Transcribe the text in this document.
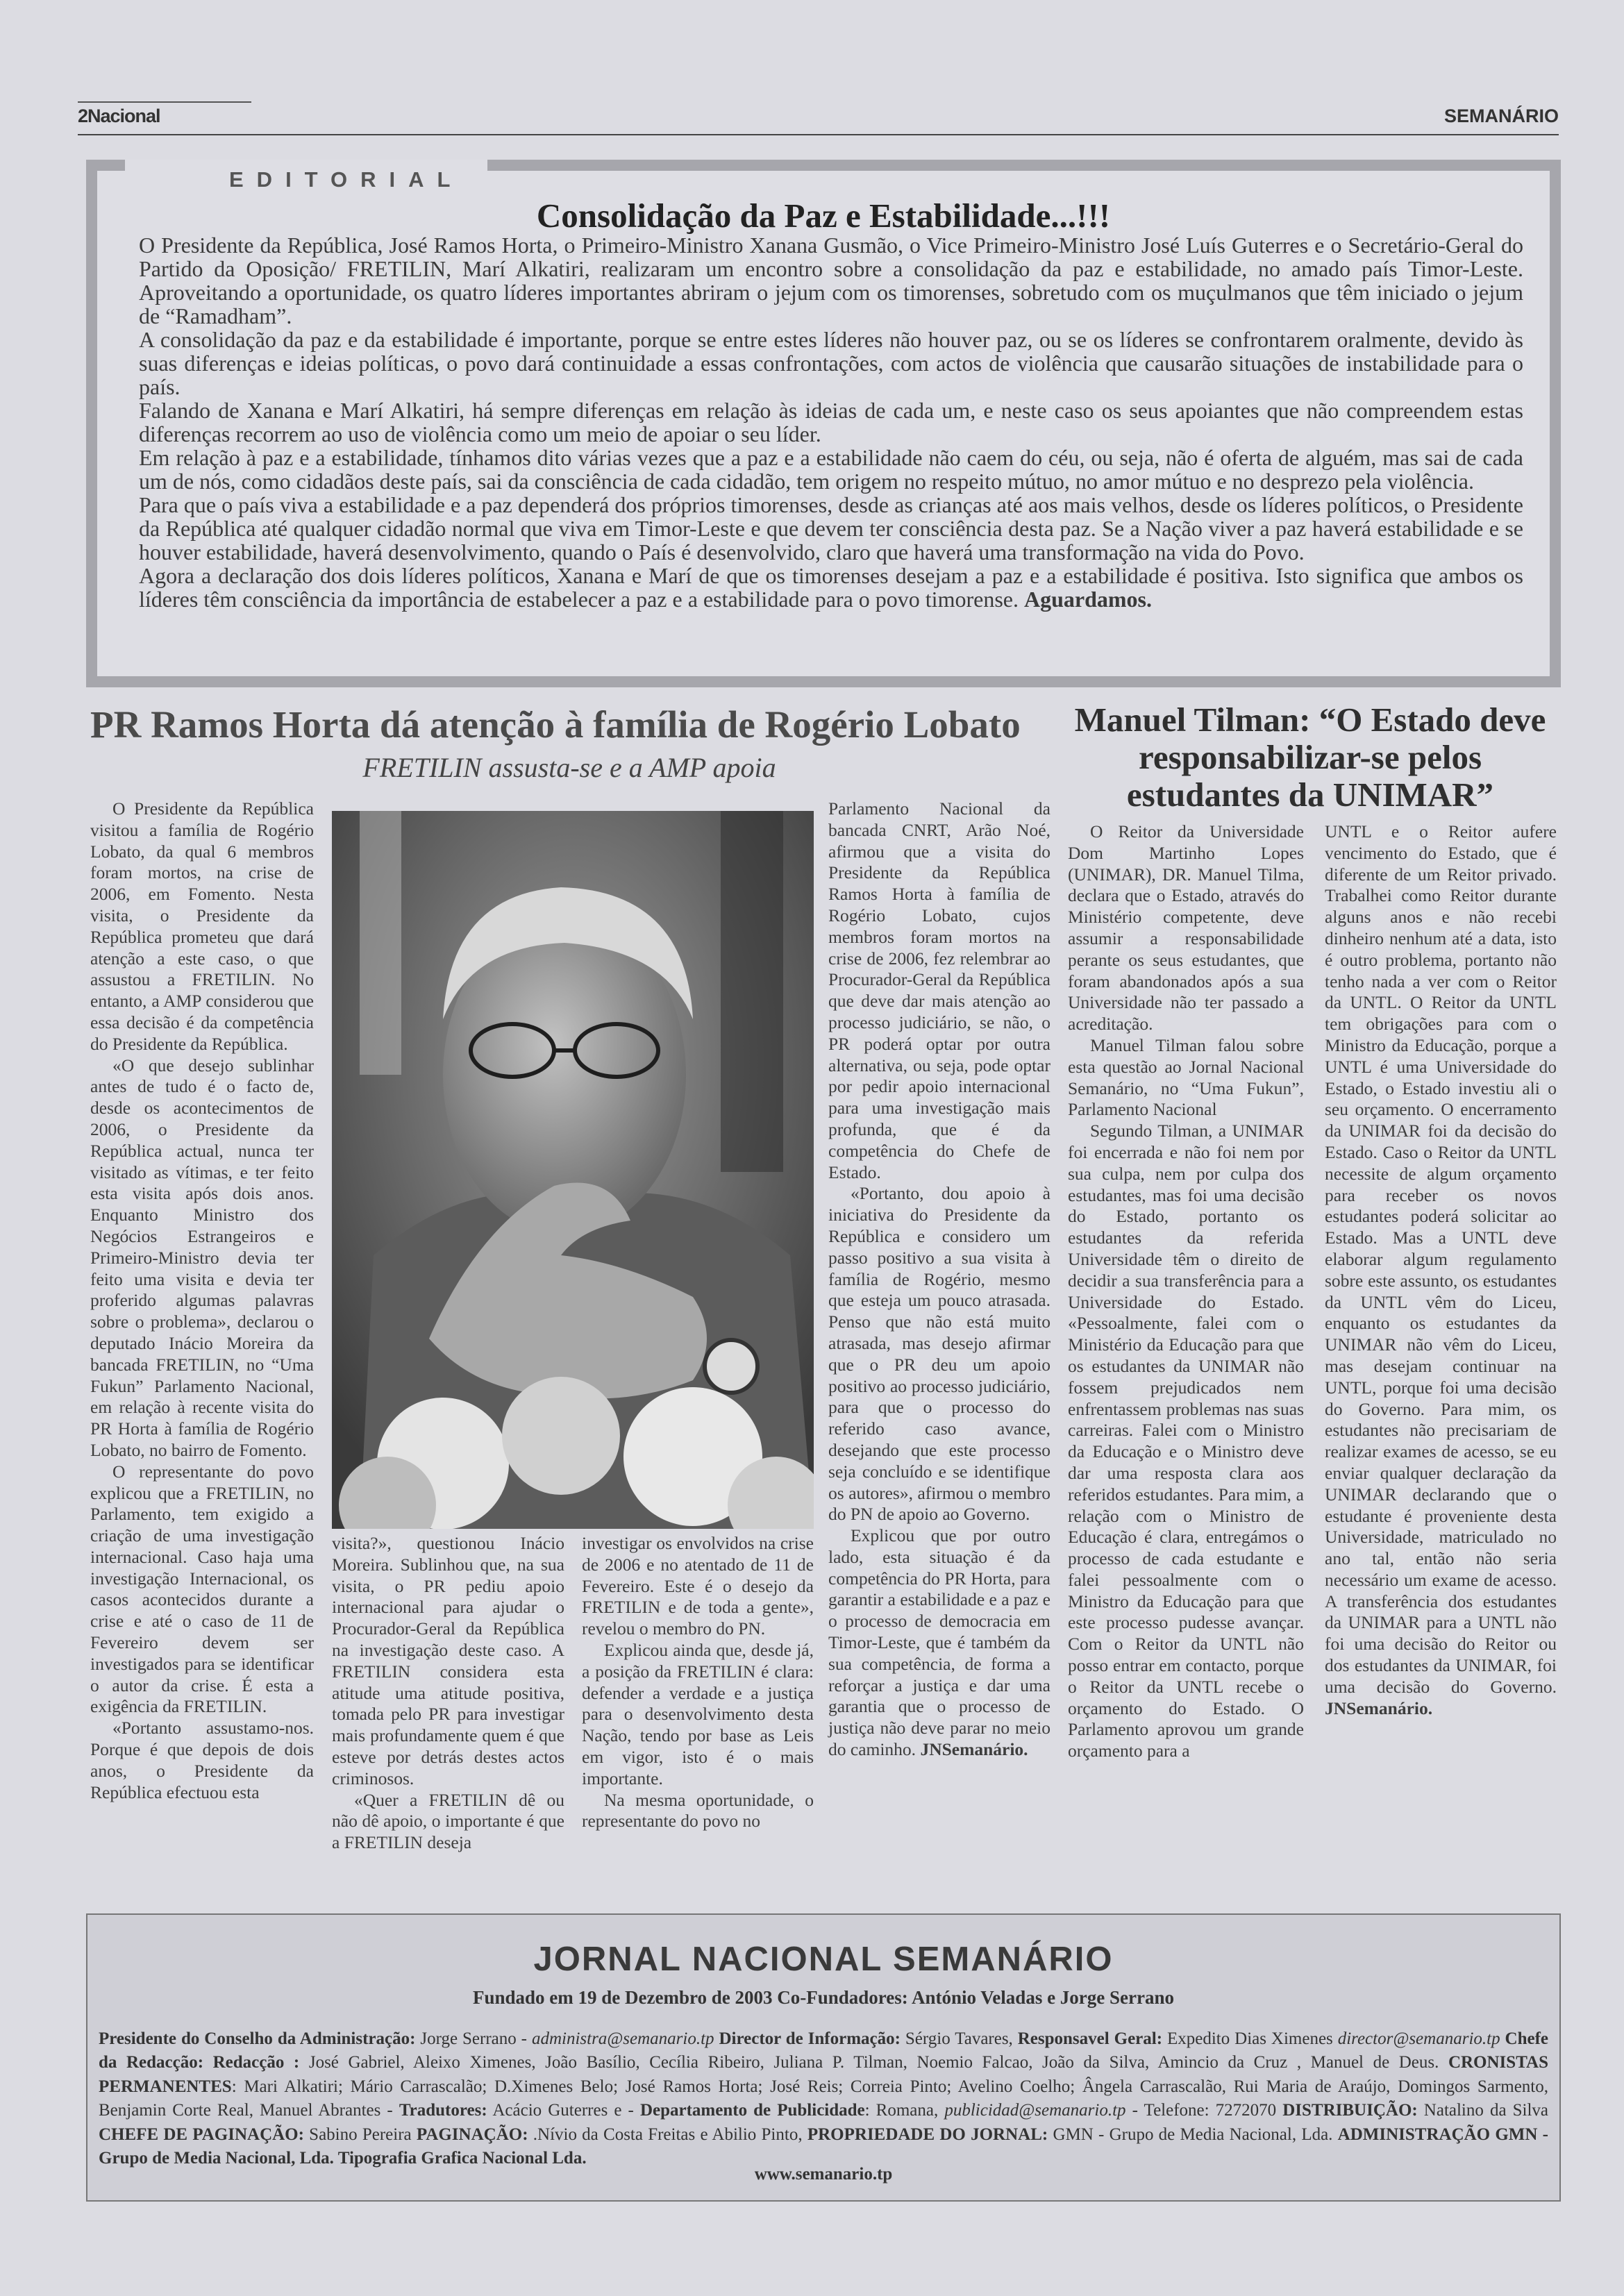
2Nacional	SEMANÁRIO
EDITORIAL
Consolidação da Paz e Estabilidade...!!!

O Presidente da República, José Ramos Horta, o Primeiro-Ministro Xanana Gusmão, o Vice Primeiro-Ministro José Luís Guterres e o Secretário-Geral do Partido da Oposição/ FRETILIN, Marí Alkatiri, realizaram um encontro sobre a consolidação da paz e estabilidade, no amado país Timor-Leste. Aproveitando a oportunidade, os quatro líderes importantes abriram o jejum com os timorenses, sobretudo com os muçulmanos que têm iniciado o jejum de “Ramadham”.

A consolidação da paz e da estabilidade é importante, porque se entre estes líderes não houver paz, ou se os líderes se confrontarem oralmente, devido às suas diferenças e ideias políticas, o povo dará continuidade a essas confrontações, com actos de violência que causarão situações de instabilidade para o país.

Falando de Xanana e Marí Alkatiri, há sempre diferenças em relação às ideias de cada um, e neste caso os seus apoiantes que não compreendem estas diferenças recorrem ao uso de violência como um meio de apoiar o seu líder.

Em relação à paz e a estabilidade, tínhamos dito várias vezes que a paz e a estabilidade não caem do céu, ou seja, não é oferta de alguém, mas sai de cada um de nós, como cidadãos deste país, sai da consciência de cada cidadão, tem origem no respeito mútuo, no amor mútuo e no desprezo pela violência.

Para que o país viva a estabilidade e a paz dependerá dos próprios timorenses, desde as crianças até aos mais velhos, desde os líderes políticos, o Presidente da República até qualquer cidadão normal que viva em Timor-Leste e que devem ter consciência desta paz. Se a Nação viver a paz haverá estabilidade e se houver estabilidade, haverá desenvolvimento, quando o País é desenvolvido, claro que haverá uma transformação na vida do Povo.

Agora a declaração dos dois líderes políticos, Xanana e Marí de que os timorenses desejam a paz e a estabilidade é positiva. Isto significa que ambos os líderes têm consciência da importância de estabelecer a paz e a estabilidade para o povo timorense. Aguardamos.

PR Ramos Horta dá atenção à família de Rogério Lobato
FRETILIN assusta-se e a AMP apoia

O Presidente da República visitou a família de Rogério Lobato, da qual 6 membros foram mortos, na crise de 2006, em Fomento. Nesta visita, o Presidente da República prometeu que dará atenção a este caso, o que assustou a FRETILIN. No entanto, a AMP considerou que essa decisão é da competência do Presidente da República.

«O que desejo sublinhar antes de tudo é o facto de, desde os acontecimentos de 2006, o Presidente da República actual, nunca ter visitado as vítimas, e ter feito esta visita após dois anos. Enquanto Ministro dos Negócios Estrangeiros e Primeiro-Ministro devia ter feito uma visita e devia ter proferido algumas palavras sobre o problema», declarou o deputado Inácio Moreira da bancada FRETILIN, no “Uma Fukun” Parlamento Nacional, em relação à recente visita do PR Horta à família de Rogério Lobato, no bairro de Fomento.

O representante do povo explicou que a FRETILIN, no Parlamento, tem exigido a criação de uma investigação internacional. Caso haja uma investigação Internacional, os casos acontecidos durante a crise e até o caso de 11 de Fevereiro devem ser investigados para se identificar o autor da crise. É esta a exigência da FRETILIN.

«Portanto assustamo-nos. Porque é que depois de dois anos, o Presidente da República efectuou esta

visita?», questionou Inácio Moreira. Sublinhou que, na sua visita, o PR pediu apoio internacional para ajudar o Procurador-Geral da República na investigação deste caso. A FRETILIN considera esta atitude uma atitude positiva, tomada pelo PR para investigar mais profundamente quem é que esteve por detrás destes actos criminosos.

«Quer a FRETILIN dê ou não dê apoio, o importante é que a FRETILIN deseja

investigar os envolvidos na crise de 2006 e no atentado de 11 de Fevereiro. Este é o desejo da FRETILIN e de toda a gente», revelou o membro do PN.

Explicou ainda que, desde já, a posição da FRETILIN é clara: defender a verdade e a justiça para o desenvolvimento desta Nação, tendo por base as Leis em vigor, isto é o mais importante.

Na mesma oportunidade, o representante do povo no

Parlamento Nacional da bancada CNRT, Arão Noé, afirmou que a visita do Presidente da República Ramos Horta à família de Rogério Lobato, cujos membros foram mortos na crise de 2006, fez relembrar ao Procurador-Geral da República que deve dar mais atenção ao processo judiciário, se não, o PR poderá optar por outra alternativa, ou seja, pode optar por pedir apoio internacional para uma investigação mais profunda, que é da competência do Chefe de Estado.

«Portanto, dou apoio à iniciativa do Presidente da República e considero um passo positivo a sua visita à família de Rogério, mesmo que esteja um pouco atrasada. Penso que não está muito atrasada, mas desejo afirmar que o PR deu um apoio positivo ao processo judiciário, para que o processo do referido caso avance, desejando que este processo seja concluído e se identifique os autores», afirmou o membro do PN de apoio ao Governo.

Explicou que por outro lado, esta situação é da competência do PR Horta, para garantir a estabilidade e a paz e o processo de democracia em Timor-Leste, que é também da sua competência, de forma a reforçar a justiça e dar uma garantia que o processo de justiça não deve parar no meio do caminho. JNSemanário.

Manuel Tilman: “O Estado deve responsabilizar-se pelos estudantes da UNIMAR”

O Reitor da Universidade Dom Martinho Lopes (UNIMAR), DR. Manuel Tilma, declara que o Estado, através do Ministério competente, deve assumir a responsabilidade perante os seus estudantes, que foram abandonados após a sua Universidade não ter passado a acreditação.

Manuel Tilman falou sobre esta questão ao Jornal Nacional Semanário, no “Uma Fukun”, Parlamento Nacional

Segundo Tilman, a UNIMAR foi encerrada e não foi nem por sua culpa, nem por culpa dos estudantes, mas foi uma decisão do Estado, portanto os estudantes da referida Universidade têm o direito de decidir a sua transferência para a Universidade do Estado. «Pessoalmente, falei com o Ministério da Educação para que os estudantes da UNIMAR não fossem prejudicados nem enfrentassem problemas nas suas carreiras. Falei com o Ministro da Educação e o Ministro deve dar uma resposta clara aos referidos estudantes. Para mim, a relação com o Ministro de Educação é clara, entregámos o processo de cada estudante e falei pessoalmente com o Ministro da Educação para que este processo pudesse avançar. Com o Reitor da UNTL não posso entrar em contacto, porque o Reitor da UNTL recebe o orçamento do Estado. O Parlamento aprovou um grande orçamento para a

UNTL e o Reitor aufere vencimento do Estado, que é diferente de um Reitor privado. Trabalhei como Reitor durante alguns anos e não recebi dinheiro nenhum até a data, isto é outro problema, portanto não tenho nada a ver com o Reitor da UNTL. O Reitor da UNTL tem obrigações para com o Ministro da Educação, porque a UNTL é uma Universidade do Estado, o Estado investiu ali o seu orçamento. O encerramento da UNIMAR foi da decisão do Estado. Caso o Reitor da UNTL necessite de algum orçamento para receber os novos estudantes poderá solicitar ao Estado. Mas a UNTL deve elaborar algum regulamento sobre este assunto, os estudantes da UNTL vêm do Liceu, enquanto os estudantes da UNIMAR não vêm do Liceu, mas desejam continuar na UNTL, porque foi uma decisão do Governo. Para mim, os estudantes não precisariam de realizar exames de acesso, se eu enviar qualquer declaração da UNIMAR declarando que o estudante é proveniente desta Universidade, matriculado no ano tal, então não seria necessário um exame de acesso. A transferência dos estudantes da UNIMAR para a UNTL não foi uma decisão do Reitor ou dos estudantes da UNIMAR, foi uma decisão do Governo. JNSemanário.

JORNAL NACIONAL SEMANÁRIO
Fundado em 19 de Dezembro de 2003 Co-Fundadores: António Veladas e Jorge Serrano
Presidente do Conselho da Administração: Jorge Serrano - administra@semanario.tp Director de Informação: Sérgio Tavares, Responsavel Geral: Expedito Dias Ximenes director@semanario.tp Chefe da Redacção: Redacção : José Gabriel, Aleixo Ximenes, João Basílio, Cecília Ribeiro, Juliana P. Tilman, Noemio Falcao, João da Silva, Amincio da Cruz , Manuel de Deus. CRONISTAS PERMANENTES: Mari Alkatiri; Mário Carrascalão; D.Ximenes Belo; José Ramos Horta; José Reis; Correia Pinto; Avelino Coelho; Ângela Carrascalão, Rui Maria de Araújo, Domingos Sarmento, Benjamin Corte Real, Manuel Abrantes - Tradutores: Acácio Guterres e - Departamento de Publicidade: Romana, publicidad@semanario.tp - Telefone: 7272070 DISTRIBUIÇÃO: Natalino da Silva CHEFE DE PAGINAÇÃO: Sabino Pereira PAGINAÇÃO: .Nívio da Costa Freitas e Abilio Pinto, PROPRIEDADE DO JORNAL: GMN - Grupo de Media Nacional, Lda. ADMINISTRAÇÃO GMN - Grupo de Media Nacional, Lda. Tipografia Grafica Nacional Lda.
www.semanario.tp
